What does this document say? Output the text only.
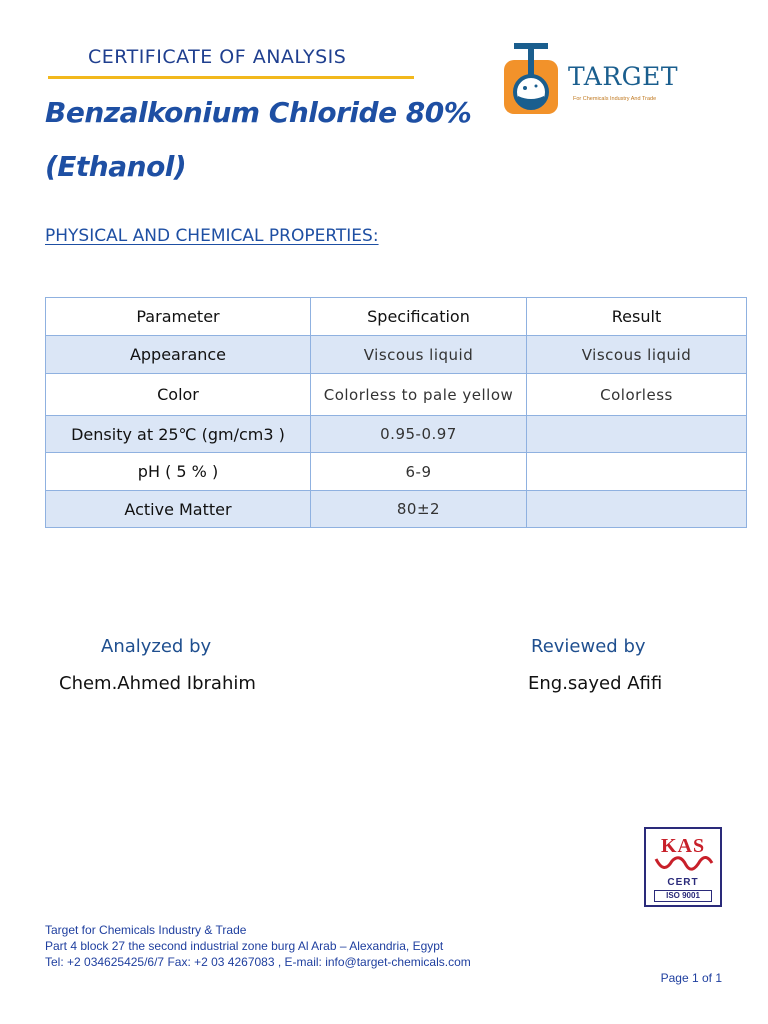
CERTIFICATE OF ANALYSIS
Benzalkonium Chloride 80%
(Ethanol)
TARGET
For Chemicals Industry And Trade
PHYSICAL AND CHEMICAL PROPERTIES:
Parameter	Specification	Result
Appearance	Viscous liquid	Viscous liquid
Color	Colorless to pale yellow	Colorless
Density at 25℃ (gm/cm3 )	0.95-0.97	
pH ( 5 % )	6-9	
Active Matter	80±2	
Analyzed by
Chem.Ahmed Ibrahim
Reviewed by
Eng.sayed Afifi
KAS
CERT
ISO 9001
Target for Chemicals Industry & Trade
Part 4 block 27 the second industrial zone burg Al Arab – Alexandria, Egypt
Tel: +2 034625425/6/7 Fax: +2 03 4267083 , E-mail: info@target-chemicals.com
Page 1 of 1
